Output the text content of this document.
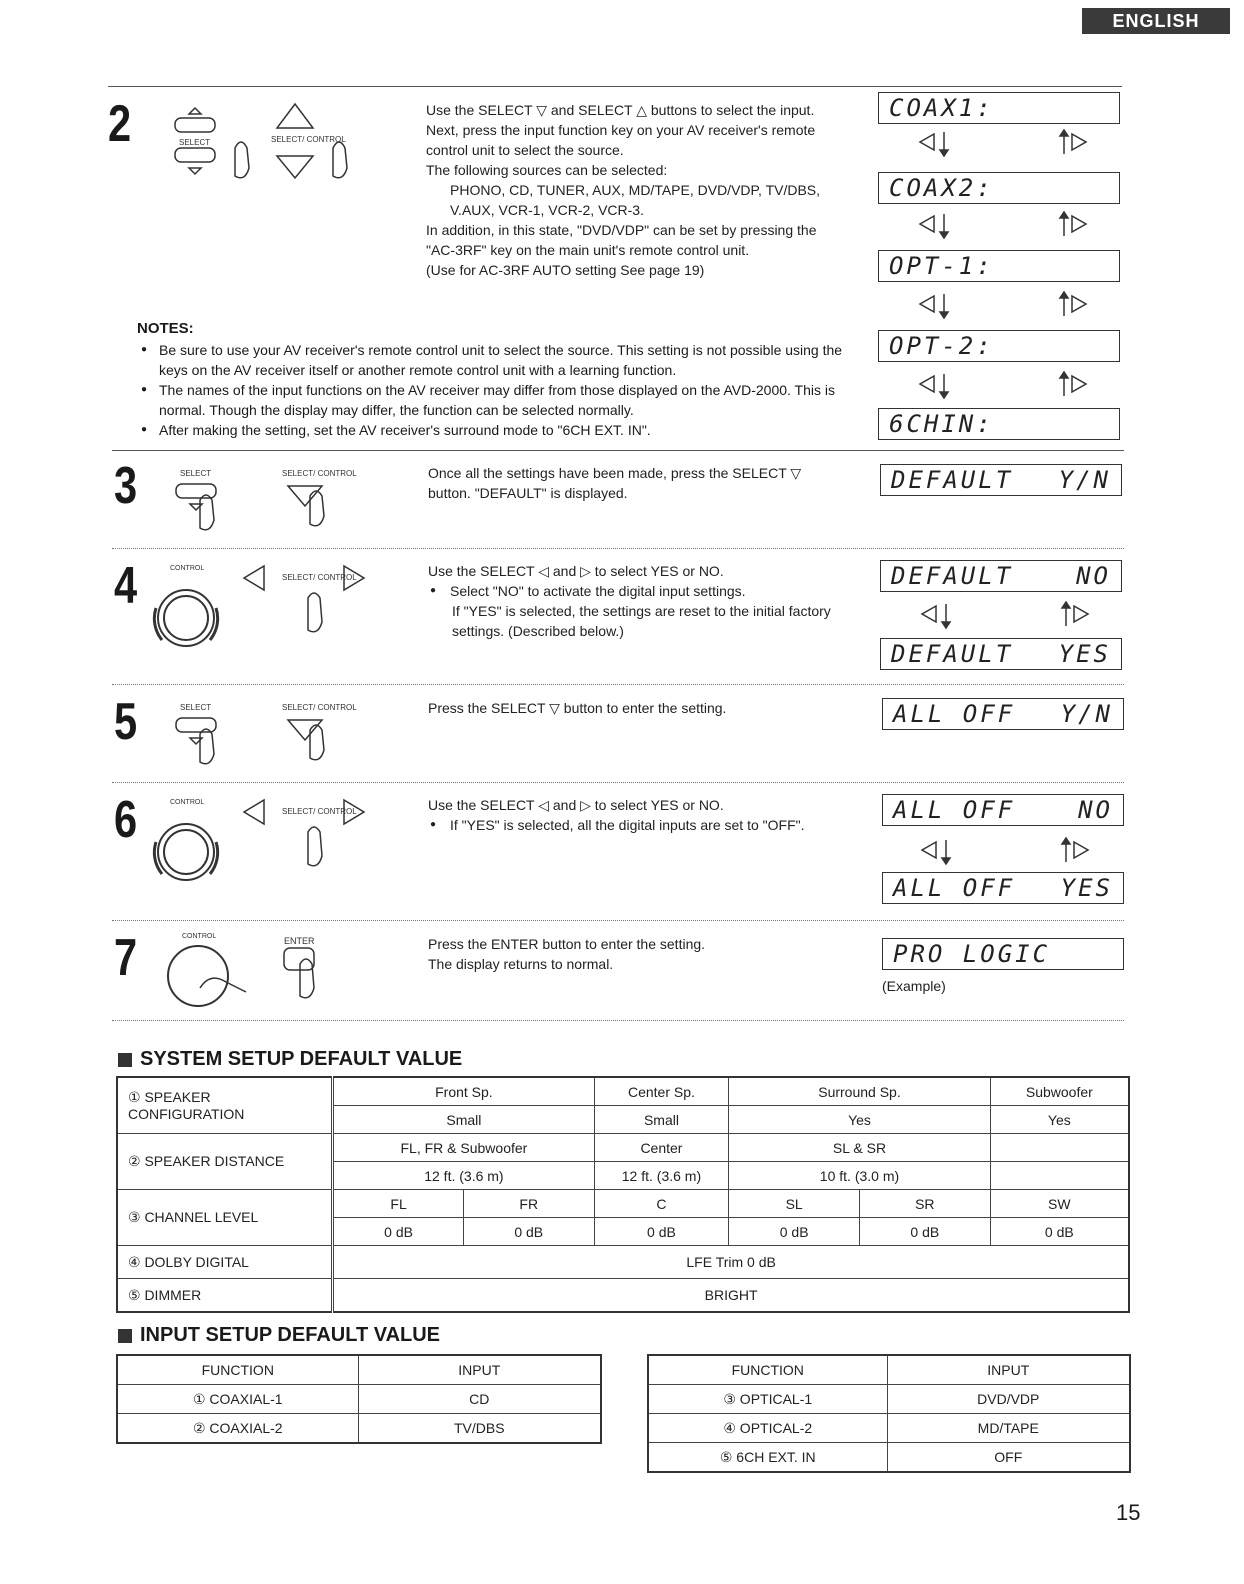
ENGLISH
2	SELECT	SELECT/ CONTROL

Use the SELECT ▽ and SELECT △ buttons to select the input.

Next, press the input function key on your AV receiver's remote control unit to select the source.

The following sources can be selected:

PHONO, CD, TUNER, AUX, MD/TAPE, DVD/VDP, TV/DBS, V.AUX, VCR-1, VCR-2, VCR-3.

In addition, in this state, "DVD/VDP" can be set by pressing the "AC-3RF" key on the main unit's remote control unit.

(Use for AC-3RF AUTO setting See page 19)

COAX1:
COAX2:
OPT-1:
OPT-2:
6CHIN:
NOTES:
● Be sure to use your AV receiver's remote control unit to select the source. This setting is not possible using the keys on the AV receiver itself or another remote control unit with a learning function.
● The names of the input functions on the AV receiver may differ from those displayed on the AVD-2000. This is normal. Though the display may differ, the function can be selected normally.
● After making the setting, set the AV receiver's surround mode to "6CH EXT. IN".
3	SELECT	SELECT/ CONTROL	Once all the settings have been made, press the SELECT ▽ button. "DEFAULT" is displayed.	DEFAULT Y/N
4	CONTROL
SELECT/ CONTROL	Use the SELECT ◁ and ▷ to select YES or NO.

● Select "NO" to activate the digital input settings.

If "YES" is selected, the settings are reset to the initial factory settings. (Described below.)

DEFAULT	NO
DEFAULT YES
5	SELECT	SELECT/ CONTROL	Press the SELECT ▽ button to enter the setting.	ALL OFF Y/N
6	CONTROL
SELECT/ CONTROL	Use the SELECT ◁ and ▷ to select YES or NO.

● If "YES" is selected, all the digital inputs are set to "OFF".

ALL OFF	NO
ALL OFF YES
7	CONTROL	ENTER	Press the ENTER button to enter the setting.

The display returns to normal.	PRO LOGIC
(Example)
SYSTEM SETUP DEFAULT VALUE
① SPEAKER CONFIGURATION	Front Sp.		Center Sp.	Surround Sp.		Subwoofer
	Small		Small	Yes		Yes
② SPEAKER DISTANCE	FL, FR & Subwoofer		Center	SL & SR		
	12 ft. (3.6 m)		12 ft. (3.6 m)	10 ft. (3.0 m)		
③ CHANNEL LEVEL	FL	FR	C	SL	SR	SW
	0 dB	0 dB	0 dB	0 dB	0 dB	0 dB
④ DOLBY DIGITAL	LFE Trim 0 dB					
⑤ DIMMER	BRIGHT					
INPUT SETUP DEFAULT VALUE
FUNCTION	INPUT
① COAXIAL-1	CD
② COAXIAL-2	TV/DBS
FUNCTION	INPUT
③ OPTICAL-1	DVD/VDP
④ OPTICAL-2	MD/TAPE
⑤ 6CH EXT. IN	OFF
15
